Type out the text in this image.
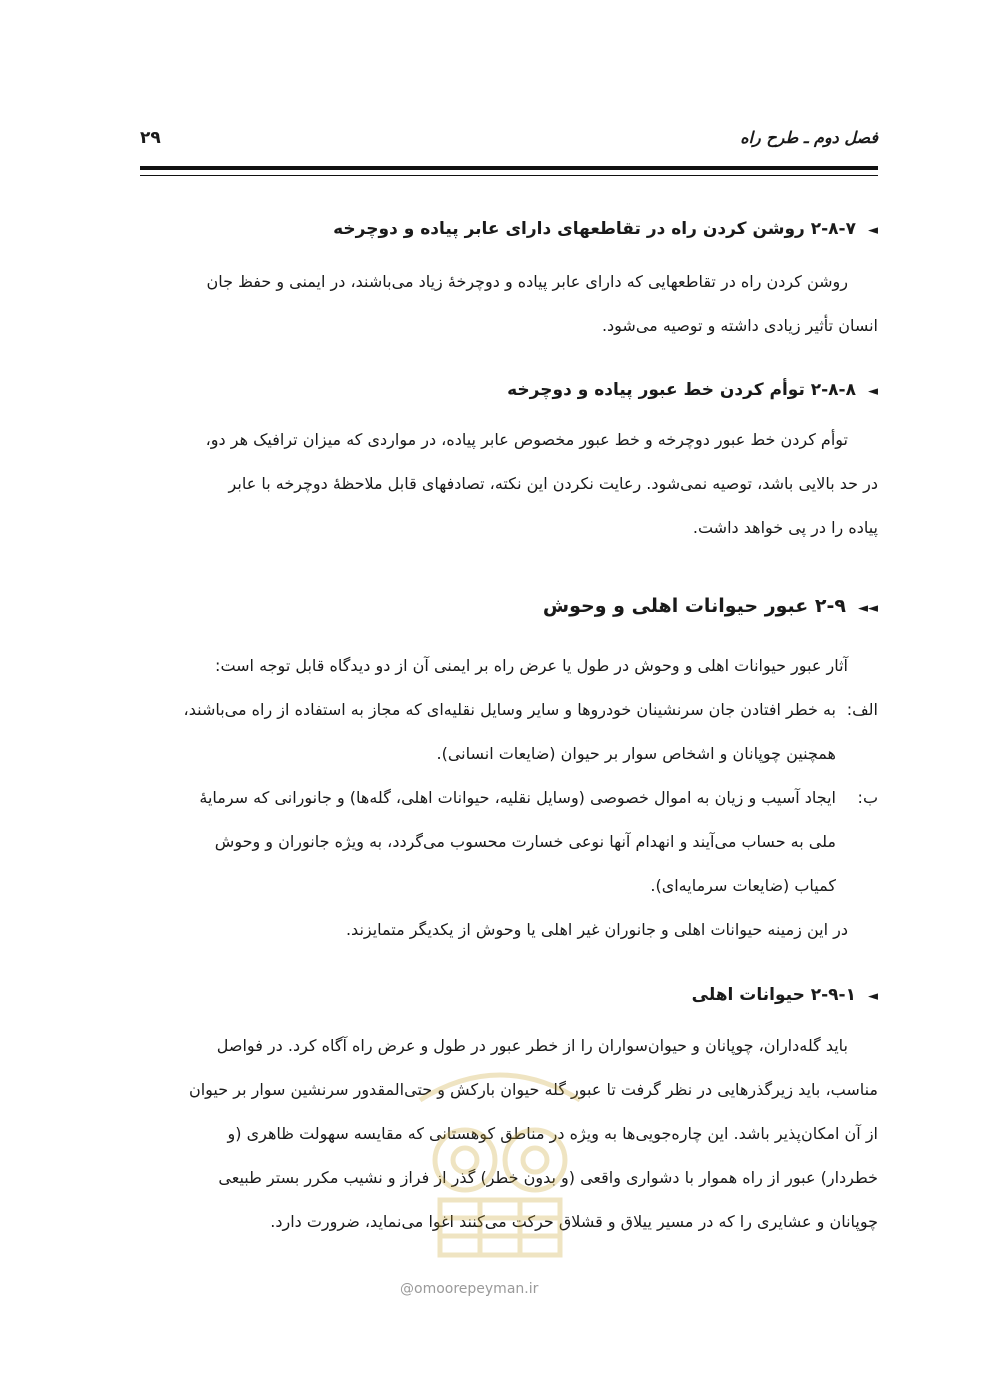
فصل دوم ـ طرح راه
۲۹
◄۲-۸-۷ روشن کردن راه در تقاطعهای دارای عابر پیاده و دوچرخه
روشن کردن راه در تقاطعهایی که دارای عابر پیاده و دوچرخهٔ زیاد می‌باشند، در ایمنی و حفظ جان
انسان تأثیر زیادی داشته و توصیه می‌شود.
◄۲-۸-۸ توأم کردن خط عبور پیاده و دوچرخه
توأم کردن خط عبور دوچرخه و خط عبور مخصوص عابر پیاده، در مواردی که میزان ترافیک هر دو،
در حد بالایی باشد، توصیه نمی‌شود. رعایت نکردن این نکته، تصادفهای قابل ملاحظهٔ دوچرخه با عابر
پیاده را در پی خواهد داشت.
◄◄۲-۹ عبور حیوانات اهلی و وحوش
آثار عبور حیوانات اهلی و وحوش در طول یا عرض راه بر ایمنی آن از دو دیدگاه قابل توجه است:
الف:
به خطر افتادن جان سرنشینان خودروها و سایر وسایل نقلیه‌ای که مجاز به استفاده از راه می‌باشند،
همچنین چوپانان و اشخاص سوار بر حیوان (ضایعات انسانی).
ب:
ایجاد آسیب و زیان به اموال خصوصی (وسایل نقلیه، حیوانات اهلی، گله‌ها) و جانورانی که سرمایهٔ
ملی به حساب می‌آیند و انهدام آنها نوعی خسارت محسوب می‌گردد، به ویژه جانوران و وحوش
کمیاب (ضایعات سرمایه‌ای).
در این زمینه حیوانات اهلی و جانوران غیر اهلی یا وحوش از یکدیگر متمایزند.
◄۲-۹-۱ حیوانات اهلی
باید گله‌داران، چوپانان و حیوان‌سواران را از خطر عبور در طول و عرض راه آگاه کرد. در فواصل
مناسب، باید زیرگذرهایی در نظر گرفت تا عبور گله حیوان بارکش و حتی‌المقدور سرنشین سوار بر حیوان
از آن امکان‌پذیر باشد. این چاره‌جویی‌ها به ویژه در مناطق کوهستانی که مقایسه سهولت ظاهری (و
خطردار) عبور از راه هموار با دشواری واقعی (و بدون خطر) گذر از فراز و نشیب مکرر بستر طبیعی
چوپانان و عشایری را که در مسیر ییلاق و قشلاق حرکت می‌کنند اغوا می‌نماید، ضرورت دارد.
@omoorepeyman.ir
